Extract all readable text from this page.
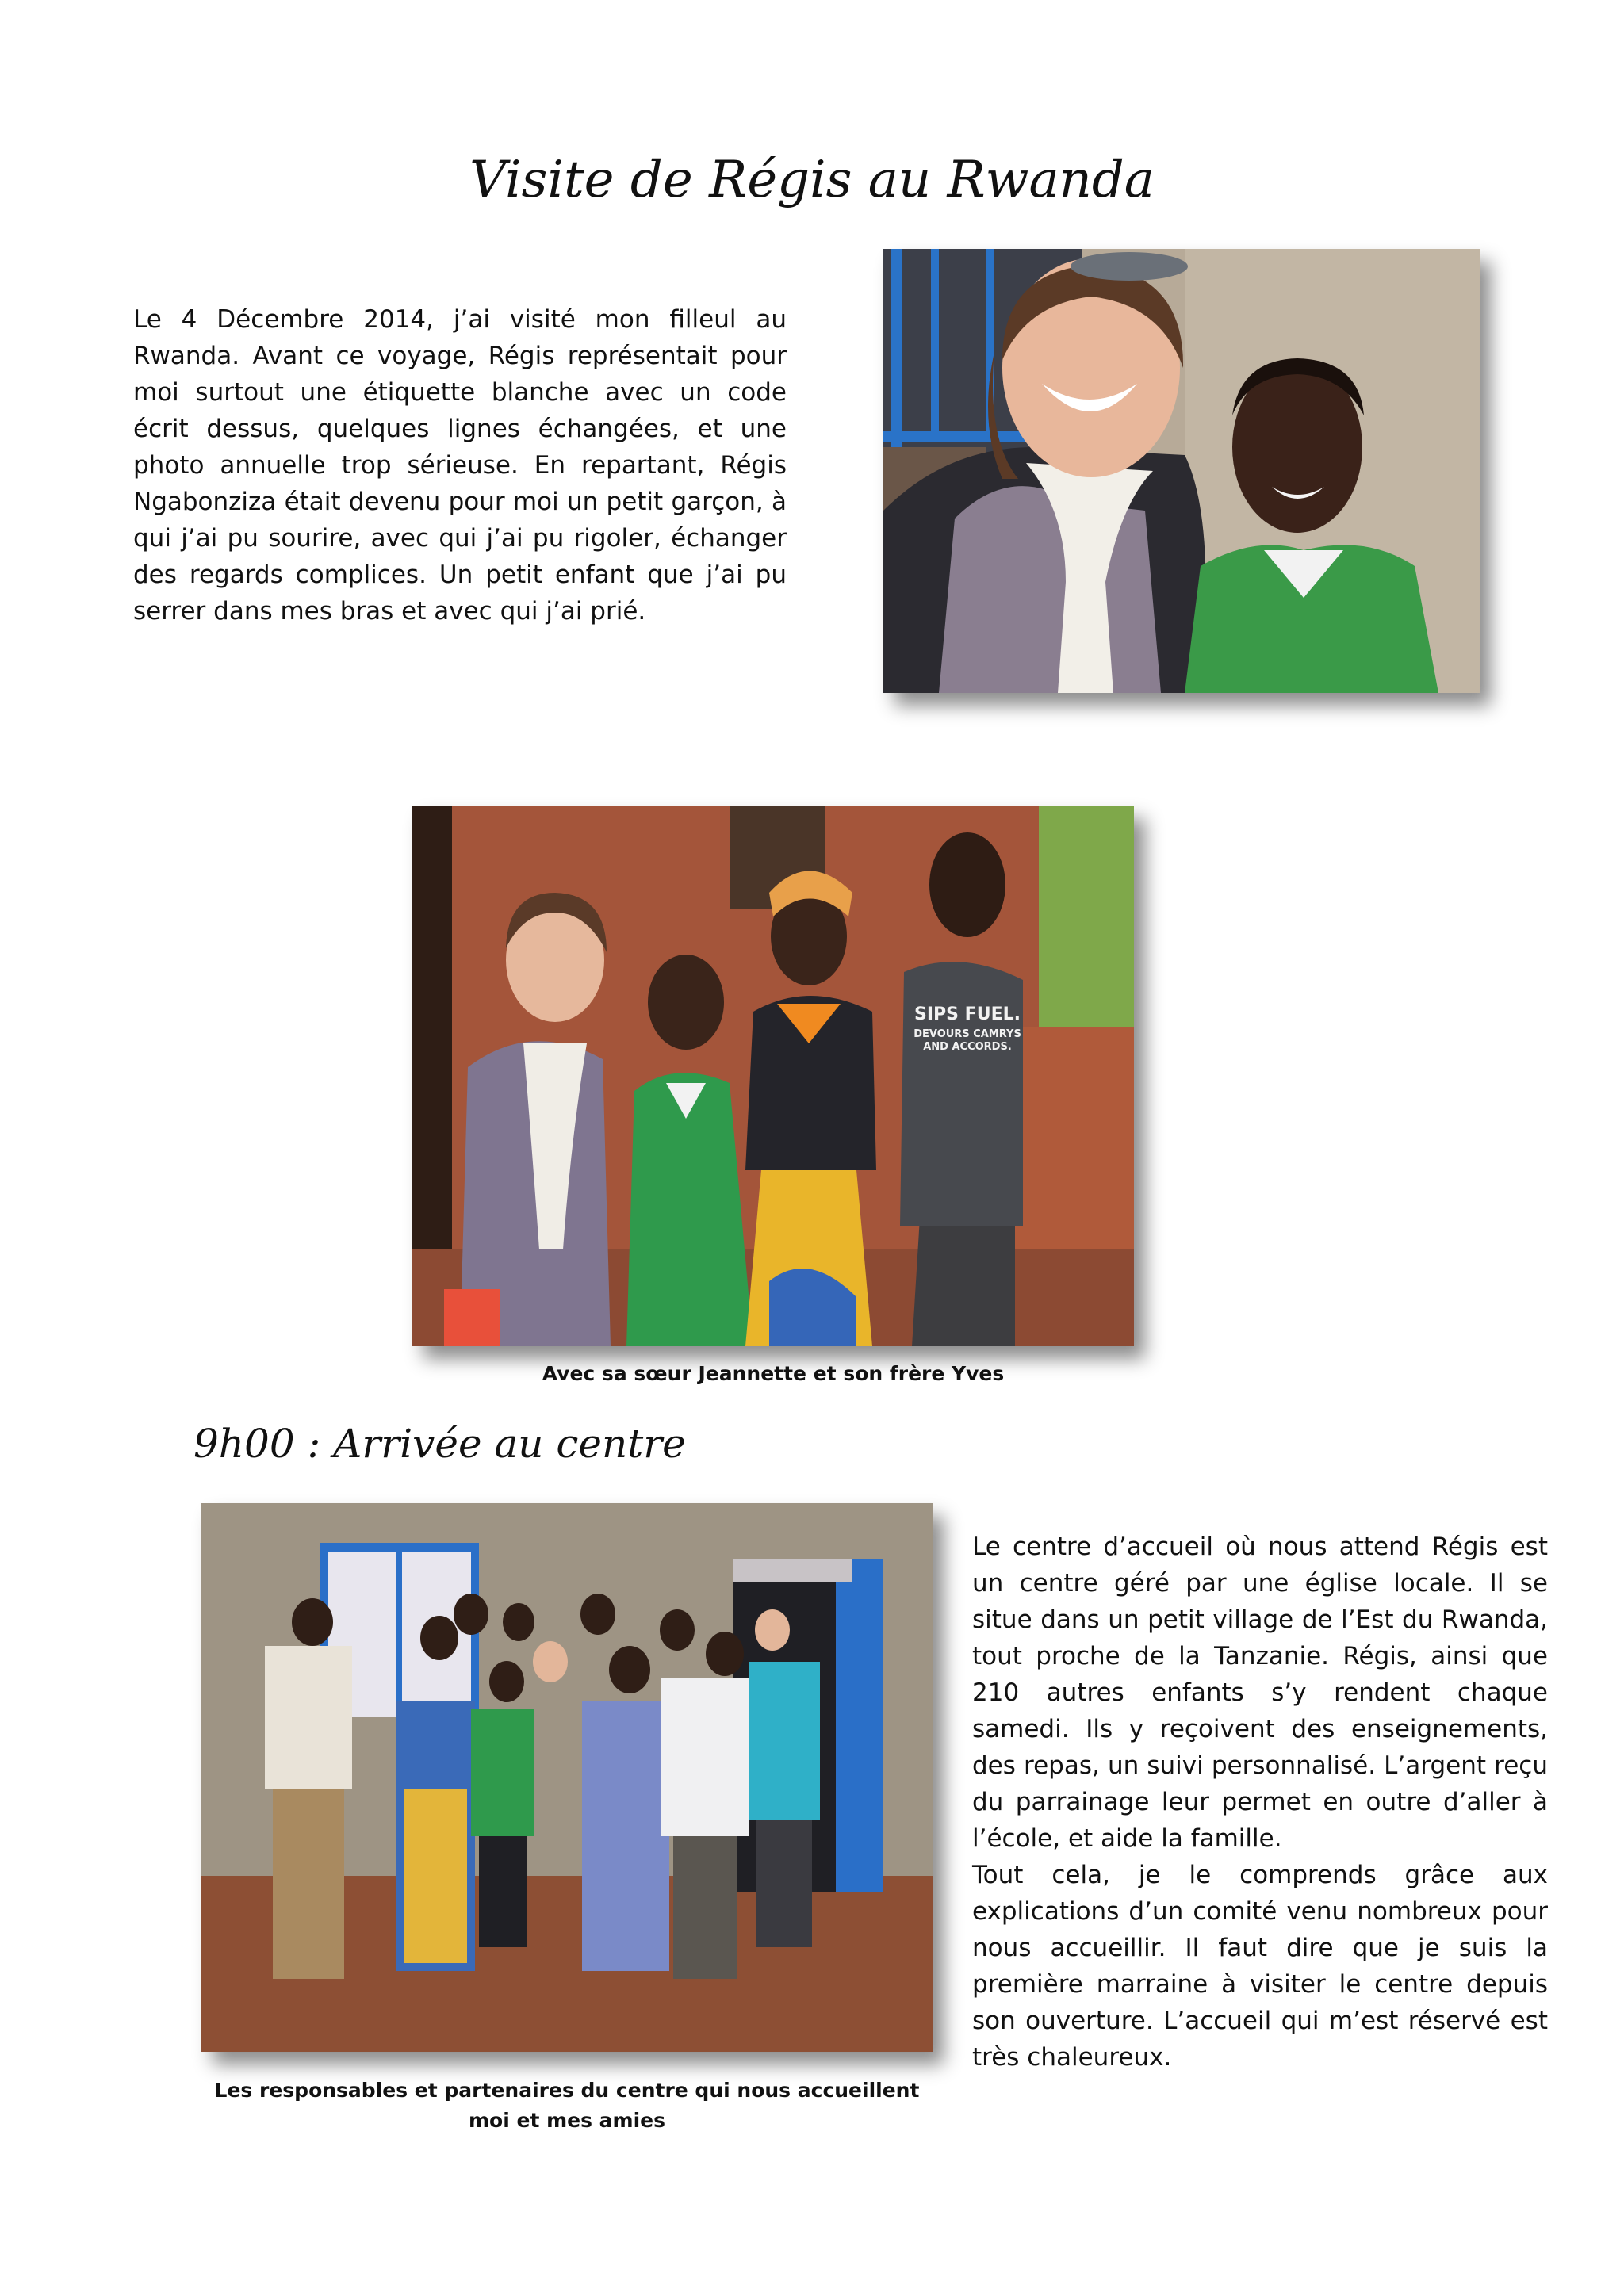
Visite de Régis au Rwanda

Le 4 Décembre 2014, j’ai visité mon filleul au Rwanda. Avant ce voyage, Régis représentait pour moi surtout une étiquette blanche avec un code écrit dessus, quelques lignes échangées, et une photo annuelle trop sérieuse. En repartant, Régis Ngabonziza était devenu pour moi un petit garçon, à qui j’ai pu sourire, avec qui j’ai pu rigoler, échanger des regards complices. Un petit enfant que j’ai pu serrer dans mes bras et avec qui j’ai prié.

SIPS FUEL.
DEVOURS CAMRYS
AND ACCORDS.

Avec sa sœur Jeannette et son frère Yves

9h00 : Arrivée au centre

Les responsables et partenaires du centre qui nous accueillent moi et mes amies

Le centre d’accueil où nous attend Régis est un centre géré par une église locale. Il se situe dans un petit village de l’Est du Rwanda, tout proche de la Tanzanie. Régis, ainsi que 210 autres enfants s’y rendent chaque samedi. Ils y reçoivent des enseignements, des repas, un suivi personnalisé. L’argent reçu du parrainage leur permet en outre d’aller à l’école, et aide la famille.

Tout cela, je le comprends grâce aux explications d’un comité venu nombreux pour nous accueillir. Il faut dire que je suis la première marraine à visiter le centre depuis son ouverture. L’accueil qui m’est réservé est très chaleureux.
